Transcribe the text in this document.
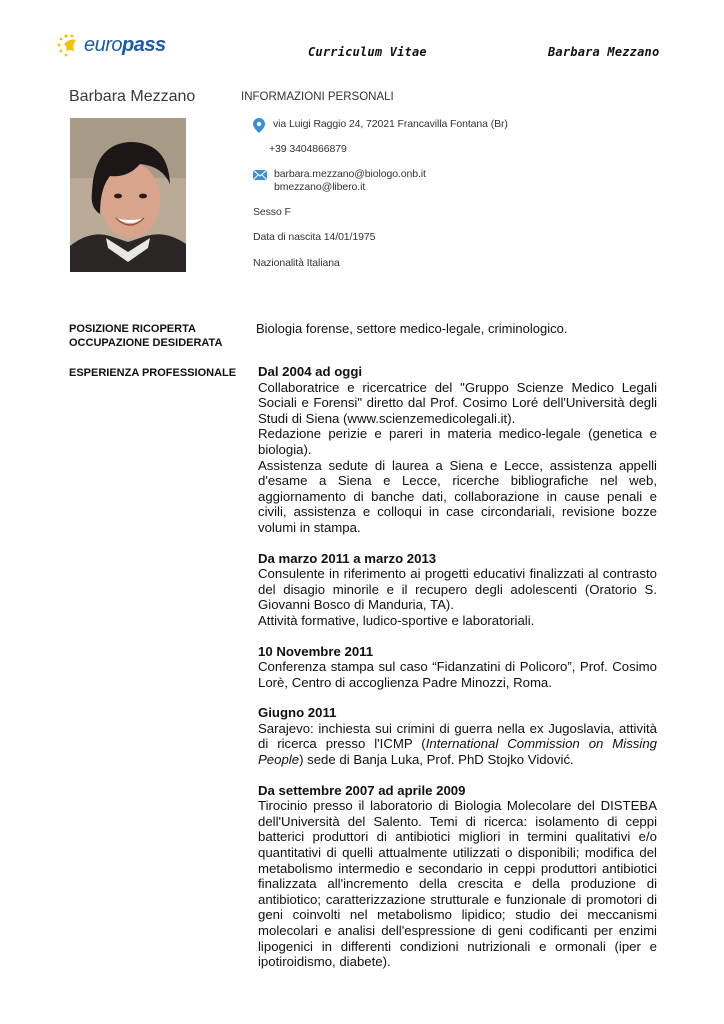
europass	Curriculum Vitae	Barbara Mezzano
Barbara Mezzano	INFORMAZIONI PERSONALI
via Luigi Raggio 24, 72021 Francavilla Fontana (Br)
+39 3404866879
barbara.mezzano@biologo.onb.it
bmezzano@libero.it
Sesso F
Data di nascita 14/01/1975
Nazionalità Italiana
POSIZIONE RICOPERTA
OCCUPAZIONE DESIDERATA
Biologia forense, settore medico-legale, criminologico.
ESPERIENZA PROFESSIONALE Dal 2004 ad oggi

Collaboratrice e ricercatrice del "Gruppo Scienze Medico Legali Sociali e Forensi" diretto dal Prof. Cosimo Loré dell'Università degli Studi di Siena (www.scienzemedicolegali.it).

Redazione perizie e pareri in materia medico-legale (genetica e biologia).

Assistenza sedute di laurea a Siena e Lecce, assistenza appelli d'esame a Siena e Lecce, ricerche bibliografiche nel web, aggiornamento di banche dati, collaborazione in cause penali e civili, assistenza e colloqui in case circondariali, revisione bozze volumi in stampa.

Da marzo 2011 a marzo 2013

Consulente in riferimento ai progetti educativi finalizzati al contrasto del disagio minorile e il recupero degli adolescenti (Oratorio S. Giovanni Bosco di Manduria, TA).

Attività formative, ludico-sportive e laboratoriali.

10 Novembre 2011

Conferenza stampa sul caso “Fidanzatini di Policoro”, Prof. Cosimo Lorè, Centro di accoglienza Padre Minozzi, Roma.

Giugno 2011

Sarajevo: inchiesta sui crimini di guerra nella ex Jugoslavia, attività di ricerca presso l'ICMP (International Commission on Missing People) sede di Banja Luka, Prof. PhD Stojko Vidović.

Da settembre 2007 ad aprile 2009

Tirocinio presso il laboratorio di Biologia Molecolare del DISTEBA dell'Università del Salento. Temi di ricerca: isolamento di ceppi batterici produttori di antibiotici migliori in termini qualitativi e/o quantitativi di quelli attualmente utilizzati o disponibili; modifica del metabolismo intermedio e secondario in ceppi produttori antibiotici finalizzata all'incremento della crescita e della produzione di antibiotico; caratterizzazione strutturale e funzionale di promotori di geni coinvolti nel metabolismo lipidico; studio dei meccanismi molecolari e analisi dell'espressione di geni codificanti per enzimi lipogenici in differenti condizioni nutrizionali e ormonali (iper e ipotiroidismo, diabete).
